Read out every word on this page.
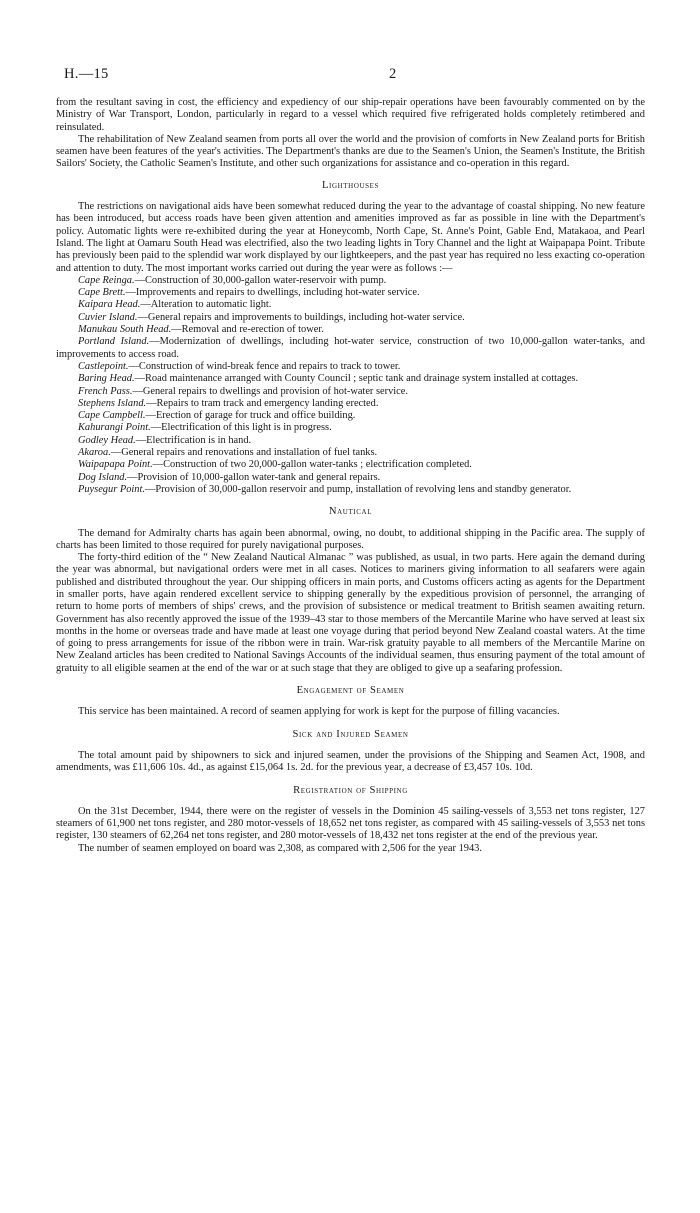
H.—15	2

from the resultant saving in cost, the efficiency and expediency of our ship-repair operations have been favourably commented on by the Ministry of War Transport, London, particularly in regard to a vessel which required five refrigerated holds completely retimbered and reinsulated.

The rehabilitation of New Zealand seamen from ports all over the world and the provision of comforts in New Zealand ports for British seamen have been features of the year's activities. The Department's thanks are due to the Seamen's Union, the Seamen's Institute, the British Sailors' Society, the Catholic Seamen's Institute, and other such organizations for assistance and co-operation in this regard.

Lighthouses

The restrictions on navigational aids have been somewhat reduced during the year to the advantage of coastal shipping. No new feature has been introduced, but access roads have been given attention and amenities improved as far as possible in line with the Department's policy. Automatic lights were re-exhibited during the year at Honeycomb, North Cape, St. Anne's Point, Gable End, Matakaoa, and Pearl Island. The light at Oamaru South Head was electrified, also the two leading lights in Tory Channel and the light at Waipapapa Point. Tribute has previously been paid to the splendid war work displayed by our lightkeepers, and the past year has required no less exacting co-operation and attention to duty. The most important works carried out during the year were as follows :—

Cape Reinga.—Construction of 30,000-gallon water-reservoir with pump.

Cape Brett.—Improvements and repairs to dwellings, including hot-water service.

Kaipara Head.—Alteration to automatic light.

Cuvier Island.—General repairs and improvements to buildings, including hot-water service.

Manukau South Head.—Removal and re-erection of tower.

Portland Island.—Modernization of dwellings, including hot-water service, construction of two 10,000-gallon water-tanks, and improvements to access road.

Castlepoint.—Construction of wind-break fence and repairs to track to tower.

Baring Head.—Road maintenance arranged with County Council ; septic tank and drainage system installed at cottages.

French Pass.—General repairs to dwellings and provision of hot-water service.

Stephens Island.—Repairs to tram track and emergency landing erected.

Cape Campbell.—Erection of garage for truck and office building.

Kahurangi Point.—Electrification of this light is in progress.

Godley Head.—Electrification is in hand.

Akaroa.—General repairs and renovations and installation of fuel tanks.

Waipapapa Point.—Construction of two 20,000-gallon water-tanks ; electrification completed.

Dog Island.—Provision of 10,000-gallon water-tank and general repairs.

Puysegur Point.—Provision of 30,000-gallon reservoir and pump, installation of revolving lens and standby generator.

Nautical

The demand for Admiralty charts has again been abnormal, owing, no doubt, to additional shipping in the Pacific area. The supply of charts has been limited to those required for purely navigational purposes.

The forty-third edition of the “ New Zealand Nautical Almanac ” was published, as usual, in two parts. Here again the demand during the year was abnormal, but navigational orders were met in all cases. Notices to mariners giving information to all seafarers were again published and distributed throughout the year. Our shipping officers in main ports, and Customs officers acting as agents for the Department in smaller ports, have again rendered excellent service to shipping generally by the expeditious provision of personnel, the arranging of return to home ports of members of ships' crews, and the provision of subsistence or medical treatment to British seamen awaiting return. Government has also recently approved the issue of the 1939–43 star to those members of the Mercantile Marine who have served at least six months in the home or overseas trade and have made at least one voyage during that period beyond New Zealand coastal waters. At the time of going to press arrangements for issue of the ribbon were in train. War-risk gratuity payable to all members of the Mercantile Marine on New Zealand articles has been credited to National Savings Accounts of the individual seamen, thus ensuring payment of the total amount of gratuity to all eligible seamen at the end of the war or at such stage that they are obliged to give up a seafaring profession.

Engagement of Seamen

This service has been maintained. A record of seamen applying for work is kept for the purpose of filling vacancies.

Sick and Injured Seamen

The total amount paid by shipowners to sick and injured seamen, under the provisions of the Shipping and Seamen Act, 1908, and amendments, was £11,606 10s. 4d., as against £15,064 1s. 2d. for the previous year, a decrease of £3,457 10s. 10d.

Registration of Shipping

On the 31st December, 1944, there were on the register of vessels in the Dominion 45 sailing-vessels of 3,553 net tons register, 127 steamers of 61,900 net tons register, and 280 motor-vessels of 18,652 net tons register, as compared with 45 sailing-vessels of 3,553 net tons register, 130 steamers of 62,264 net tons register, and 280 motor-vessels of 18,432 net tons register at the end of the previous year.

The number of seamen employed on board was 2,308, as compared with 2,506 for the year 1943.
